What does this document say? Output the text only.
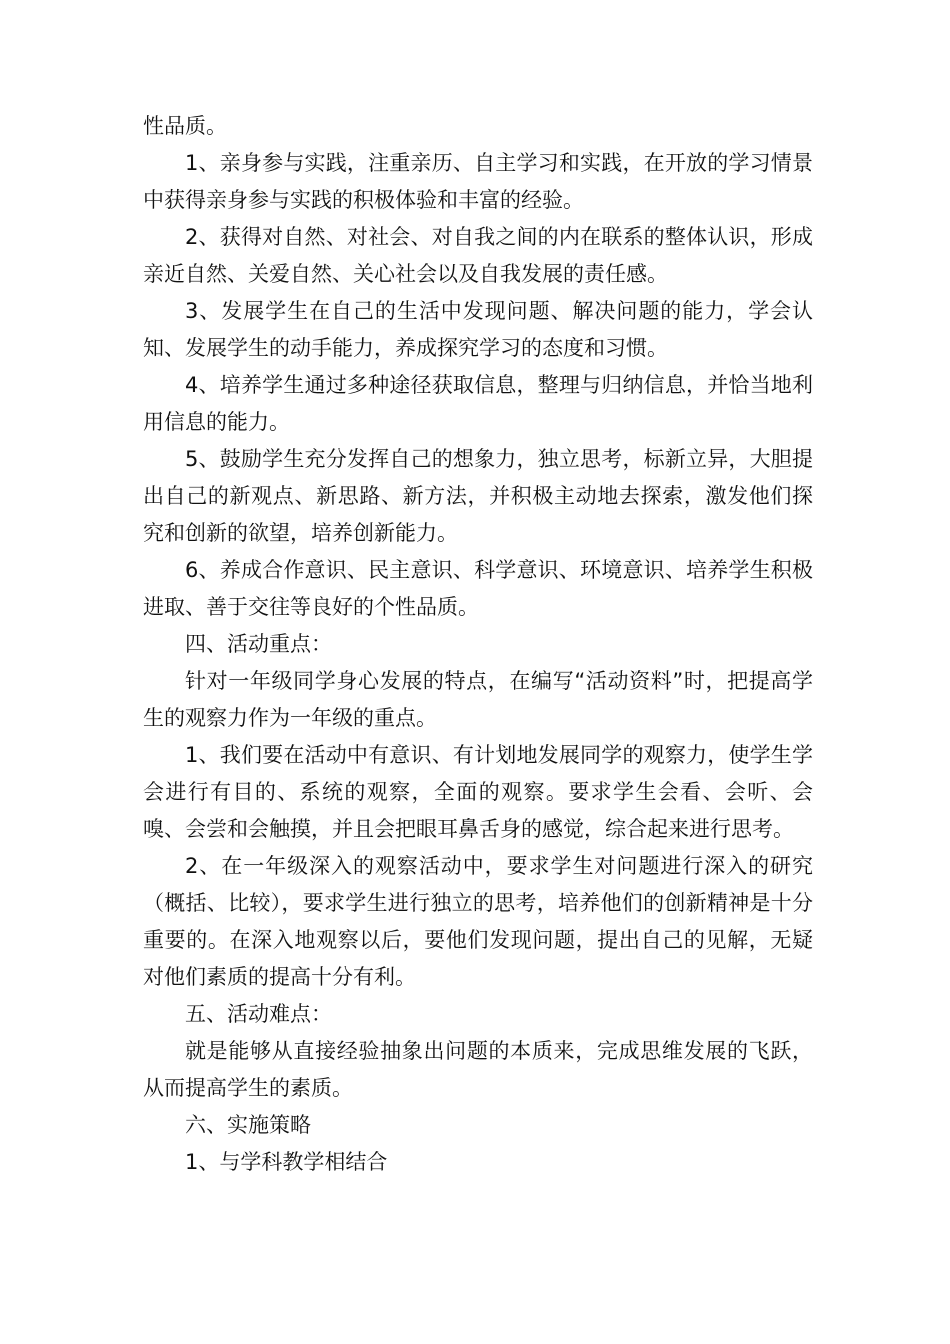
性品质。

1、亲身参与实践，注重亲历、自主学习和实践，在开放的学习情景中获得亲身参与实践的积极体验和丰富的经验。

2、获得对自然、对社会、对自我之间的内在联系的整体认识，形成亲近自然、关爱自然、关心社会以及自我发展的责任感。

3、发展学生在自己的生活中发现问题、解决问题的能力，学会认知、发展学生的动手能力，养成探究学习的态度和习惯。

4、培养学生通过多种途径获取信息，整理与归纳信息，并恰当地利用信息的能力。

5、鼓励学生充分发挥自己的想象力，独立思考，标新立异，大胆提出自己的新观点、新思路、新方法，并积极主动地去探索，激发他们探究和创新的欲望，培养创新能力。

6、养成合作意识、民主意识、科学意识、环境意识、培养学生积极进取、善于交往等良好的个性品质。

四、活动重点：

针对一年级同学身心发展的特点，在编写“活动资料”时，把提高学生的观察力作为一年级的重点。

1、我们要在活动中有意识、有计划地发展同学的观察力，使学生学会进行有目的、系统的观察，全面的观察。要求学生会看、会听、会嗅、会尝和会触摸，并且会把眼耳鼻舌身的感觉，综合起来进行思考。

2、在一年级深入的观察活动中，要求学生对问题进行深入的研究（概括、比较），要求学生进行独立的思考，培养他们的创新精神是十分重要的。在深入地观察以后，要他们发现问题，提出自己的见解，无疑对他们素质的提高十分有利。

五、活动难点：

就是能够从直接经验抽象出问题的本质来，完成思维发展的飞跃，从而提高学生的素质。

六、实施策略

1、与学科教学相结合
